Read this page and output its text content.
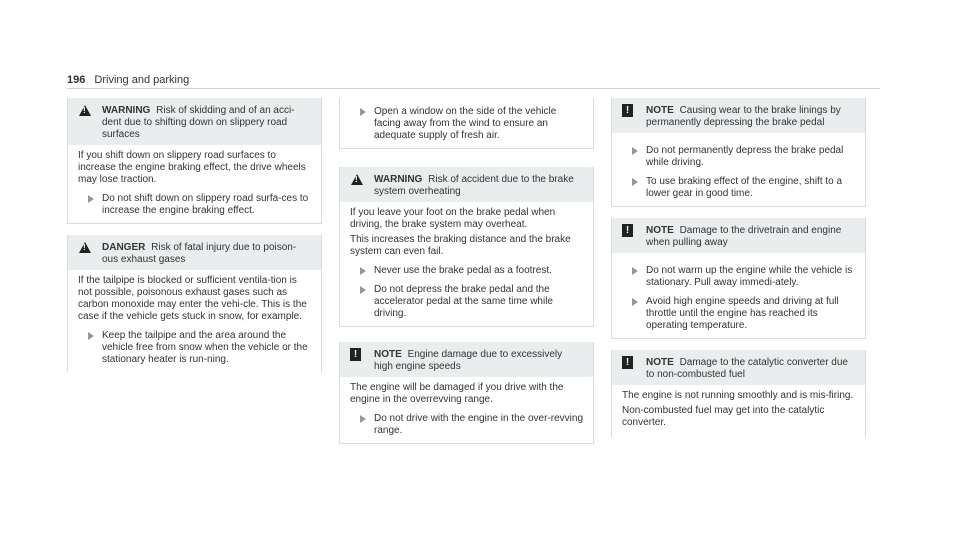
196 Driving and parking
!
WARNING Risk of skidding and of an acci-dent due to shifting down on slippery road surfaces

If you shift down on slippery road surfaces to increase the engine braking effect, the drive wheels may lose traction.

Do not shift down on slippery road surfa-ces to increase the engine braking effect.
!
DANGER Risk of fatal injury due to poison-ous exhaust gases

If the tailpipe is blocked or sufficient ventila-tion is not possible, poisonous exhaust gases such as carbon monoxide may enter the vehi-cle. This is the case if the vehicle gets stuck in snow, for example.

Keep the tailpipe and the area around the vehicle free from snow when the vehicle or the stationary heater is run-ning.
Open a window on the side of the vehicle facing away from the wind to ensure an adequate supply of fresh air.
!
WARNING Risk of accident due to the brake system overheating

If you leave your foot on the brake pedal when driving, the brake system may overheat.

This increases the braking distance and the brake system can even fail.

Never use the brake pedal as a footrest.
Do not depress the brake pedal and the accelerator pedal at the same time while driving.
!	NOTE Engine damage due to excessively high engine speeds

The engine will be damaged if you drive with the engine in the overrevving range.

Do not drive with the engine in the over-revving range.
!	NOTE Causing wear to the brake linings by permanently depressing the brake pedal
Do not permanently depress the brake pedal while driving.
To use braking effect of the engine, shift to a lower gear in good time.
!	NOTE Damage to the drivetrain and engine when pulling away
Do not warm up the engine while the vehicle is stationary. Pull away immedi-ately.
Avoid high engine speeds and driving at full throttle until the engine has reached its operating temperature.
!	NOTE Damage to the catalytic converter due to non-combusted fuel

The engine is not running smoothly and is mis-firing.

Non-combusted fuel may get into the catalytic converter.
